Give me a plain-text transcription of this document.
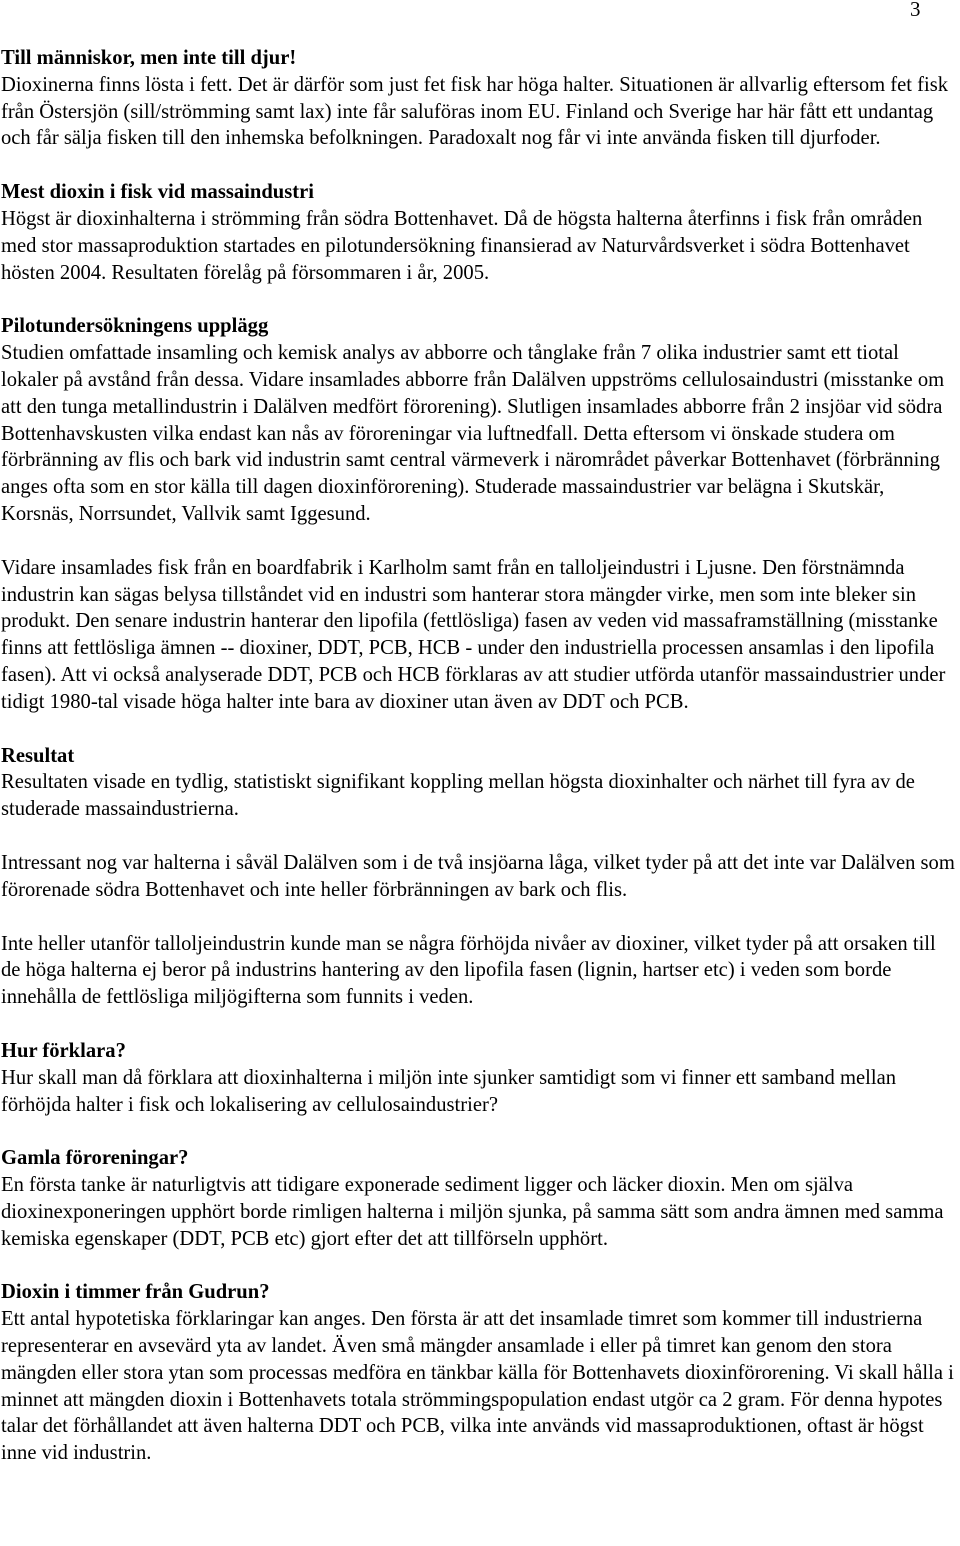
3
Till människor, men inte till djur!

Dioxinerna finns lösta i fett. Det är därför som just fet fisk har höga halter. Situationen är allvarlig eftersom fet fisk från Östersjön (sill/strömming samt lax) inte får saluföras inom EU. Finland och Sverige har här fått ett undantag och får sälja fisken till den inhemska befolkningen. Paradoxalt nog får vi inte använda fisken till djurfoder.

Mest dioxin i fisk vid massaindustri

Högst är dioxinhalterna i strömming från södra Bottenhavet. Då de högsta halterna återfinns i fisk från områden med stor massaproduktion startades en pilotundersökning finansierad av Naturvårdsverket i södra Bottenhavet hösten 2004. Resultaten förelåg på försommaren i år, 2005.

Pilotundersökningens upplägg

Studien omfattade insamling och kemisk analys av abborre och tånglake från 7 olika industrier samt ett tiotal lokaler på avstånd från dessa. Vidare insamlades abborre från Dalälven uppströms cellulosaindustri (misstanke om att den tunga metallindustrin i Dalälven medfört förorening). Slutligen insamlades abborre från 2 insjöar vid södra Bottenhavskusten vilka endast kan nås av föroreningar via luftnedfall. Detta eftersom vi önskade studera om förbränning av flis och bark vid industrin samt central värmeverk i närområdet påverkar Bottenhavet (förbränning anges ofta som en stor källa till dagen dioxinförorening). Studerade massaindustrier var belägna i Skutskär, Korsnäs, Norrsundet, Vallvik samt Iggesund.

Vidare insamlades fisk från en boardfabrik i Karlholm samt från en talloljeindustri i Ljusne. Den förstnämnda industrin kan sägas belysa tillståndet vid en industri som hanterar stora mängder virke, men som inte bleker sin produkt. Den senare industrin hanterar den lipofila (fettlösliga) fasen av veden vid massaframställning (misstanke finns att fettlösliga ämnen -- dioxiner, DDT, PCB, HCB - under den industriella processen ansamlas i den lipofila fasen). Att vi också analyserade DDT, PCB och HCB förklaras av att studier utförda utanför massaindustrier under tidigt 1980-tal visade höga halter inte bara av dioxiner utan även av DDT och PCB.

Resultat

Resultaten visade en tydlig, statistiskt signifikant koppling mellan högsta dioxinhalter och närhet till fyra av de studerade massaindustrierna.

Intressant nog var halterna i såväl Dalälven som i de två insjöarna låga, vilket tyder på att det inte var Dalälven som förorenade södra Bottenhavet och inte heller förbränningen av bark och flis.

Inte heller utanför talloljeindustrin kunde man se några förhöjda nivåer av dioxiner, vilket tyder på att orsaken till de höga halterna ej beror på industrins hantering av den lipofila fasen (lignin, hartser etc) i veden som borde innehålla de fettlösliga miljögifterna som funnits i veden.

Hur förklara?

Hur skall man då förklara att dioxinhalterna i miljön inte sjunker samtidigt som vi finner ett samband mellan förhöjda halter i fisk och lokalisering av cellulosaindustrier?

Gamla föroreningar?

En första tanke är naturligtvis att tidigare exponerade sediment ligger och läcker dioxin. Men om själva dioxinexponeringen upphört borde rimligen halterna i miljön sjunka, på samma sätt som andra ämnen med samma kemiska egenskaper (DDT, PCB etc) gjort efter det att tillförseln upphört.

Dioxin i timmer från Gudrun?

Ett antal hypotetiska förklaringar kan anges. Den första är att det insamlade timret som kommer till industrierna representerar en avsevärd yta av landet. Även små mängder ansamlade i eller på timret kan genom den stora mängden eller stora ytan som processas medföra en tänkbar källa för Bottenhavets dioxinförorening. Vi skall hålla i minnet att mängden dioxin i Bottenhavets totala strömmingspopulation endast utgör ca 2 gram. För denna hypotes talar det förhållandet att även halterna DDT och PCB, vilka inte används vid massaproduktionen, oftast är högst inne vid industrin.
